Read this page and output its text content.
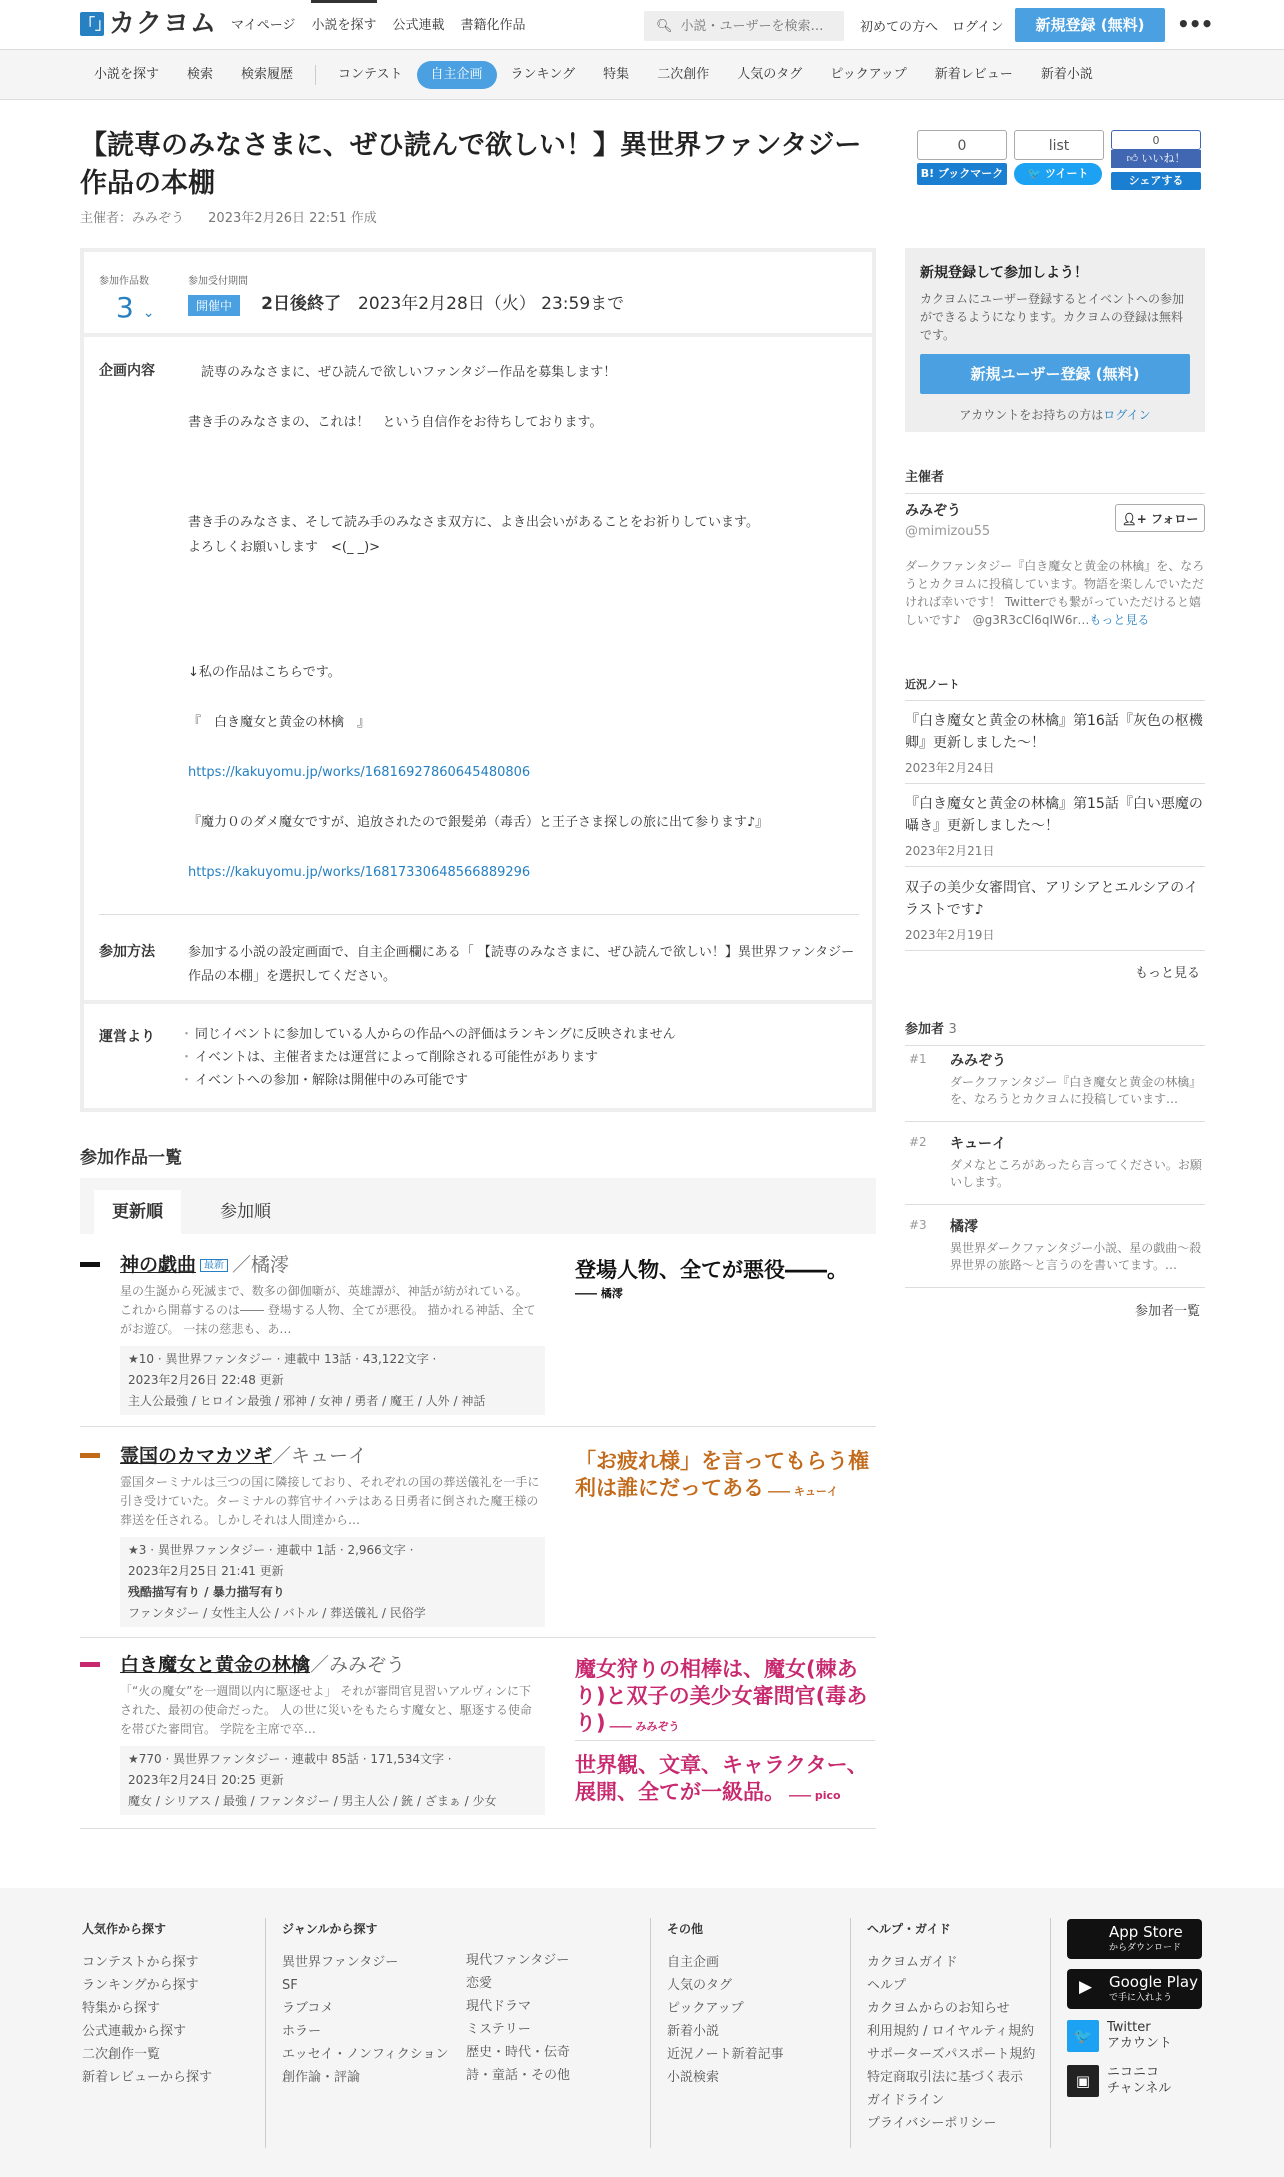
「」
カクヨム マイページ 小説を探す 公式連載 書籍化作品	🔍︎
小説・ユーザーを検索…	初めての方へ ログイン	新規登録 (無料)	•••
小説を探す	検索	検索履歴	コンテスト	自主企画	ランキング	特集	二次創作	人気のタグ	ピックアップ	新着レビュー	新着小説
【読専のみなさまに、ぜひ読んで欲しい！】異世界ファンタジー作品の本棚
主催者：みみぞう 2023年2月26日 22:51 作成
0
B! ブックマーク
list
🐦 ツイート
0
👍︎ いいね！
シェアする
参加作品数
3 ⌄
参加受付期間
開催中 2日後終了 2023年2月28日（火） 23:59まで
企画内容	　読専のみなさまに、ぜひ読んで欲しいファンタジー作品を募集します！
書き手のみなさまの、これは！　という自信作をお待ちしております。
書き手のみなさま、そして読み手のみなさま双方に、よき出会いがあることをお祈りしています。
よろしくお願いします　<(_ _)>
↓私の作品はこちらです。
『　白き魔女と黄金の林檎　』
https://kakuyomu.jp/works/16816927860645480806
『魔力０のダメ魔女ですが、追放されたので銀髪弟（毒舌）と王子さま探しの旅に出て参ります♪』
https://kakuyomu.jp/works/16817330648566889296
参加方法	参加する小説の設定画面で、自主企画欄にある「 【読専のみなさまに、ぜひ読んで欲しい！】異世界ファンタジー作品の本棚」を選択してください。
運営より
・	同じイベントに参加している人からの作品への評価はランキングに反映されません
・ イベントは、主催者または運営によって削除される可能性があります
・ イベントへの参加・解除は開催中のみ可能です
参加作品一覧
更新順	参加順
神の戯曲 最新 ／橘澪
星の生誕から死滅まで、数多の御伽噺が、英雄譚が、神話が紡がれている。 これから開幕するのは―― 登場する人物、全てが悪役。 描かれる神話、全てがお遊び。 一抹の慈悲も、あ…
★10 · 異世界ファンタジー · 連載中 13話 · 43,122文字 ·
2023年2月26日 22:48 更新
主人公最強 / ヒロイン最強 / 邪神 / 女神 / 勇者 / 魔王 / 人外 / 神話
登場人物、全てが悪役――。
―― 橘澪
霊国のカマカツギ／キューイ
霊国ターミナルは三つの国に隣接しており、それぞれの国の葬送儀礼を一手に引き受けていた。ターミナルの葬官サイハテはある日勇者に倒された魔王様の葬送を任される。しかしそれは人間達から…
★3 · 異世界ファンタジー · 連載中 1話 · 2,966文字 ·
2023年2月25日 21:41 更新
残酷描写有り / 暴力描写有り
ファンタジー / 女性主人公 / バトル / 葬送儀礼 / 民俗学
「お疲れ様」を言ってもらう権利は誰にだってある ―― キューイ
白き魔女と黄金の林檎／みみぞう
「“火の魔女”を一週間以内に駆逐せよ」 それが審問官見習いアルヴィンに下された、最初の使命だった。 人の世に災いをもたらす魔女と、駆逐する使命を帯びた審問官。 学院を主席で卒…
★770 · 異世界ファンタジー · 連載中 85話 · 171,534文字 ·
2023年2月24日 20:25 更新
魔女 / シリアス / 最強 / ファンタジー / 男主人公 / 銃 / ざまぁ / 少女
魔女狩りの相棒は、魔女(棘あり)と双子の美少女審問官(毒あり) ―― みみぞう
世界観、文章、キャラクター、展開、全てが一級品。 ―― pico
新規登録して参加しよう！

カクヨムにユーザー登録するとイベントへの参加ができるようになります。カクヨムの登録は無料です。

新規ユーザー登録 (無料)
アカウントをお持ちの方はログイン
主催者
みみぞう
@mimizou55
👤︎+ フォロー
ダークファンタジー『白き魔女と黄金の林檎』を、なろうとカクヨムに投稿しています。物語を楽しんでいただければ幸いです！ Twitterでも繋がっていただけると嬉しいです♪　@g3R3cCl6qIW6r…もっと見る
近況ノート
『白き魔女と黄金の林檎』第16話『灰色の枢機卿』更新しました～！
2023年2月24日
『白き魔女と黄金の林檎』第15話『白い悪魔の囁き』更新しました～！
2023年2月21日
双子の美少女審問官、アリシアとエルシアのイラストです♪
2023年2月19日
もっと見る
参加者 3
#1 みみぞう
ダークファンタジー『白き魔女と黄金の林檎』を、なろうとカクヨムに投稿しています…
#2 キューイ
ダメなところがあったら言ってください。お願いします。
#3 橘澪
異世界ダークファンタジー小説、星の戯曲〜殺界世界の旅路〜と言うのを書いてます。…
参加者一覧
人気作から探す
コンテストから探す
ランキングから探す
特集から探す
公式連載から探す
二次創作一覧
新着レビューから探す
ジャンルから探す
異世界ファンタジー
SF
ラブコメ
ホラー
エッセイ・ノンフィクション
創作論・評論
現代ファンタジー
恋愛
現代ドラマ
ミステリー
歴史・時代・伝奇
詩・童話・その他
その他
自主企画
人気のタグ
ピックアップ
新着小説
近況ノート新着記事
小説検索
ヘルプ・ガイド
カクヨムガイド
ヘルプ
カクヨムからのお知らせ
利用規約 / ロイヤルティ規約
サポーターズパスポート規約
特定商取引法に基づく表示
ガイドライン
プライバシーポリシー
App Store
からダウンロード
▶ Google Play
で手に入れよう
🐦	Twitter
アカウント
▣	ニコニコ
チャンネル
